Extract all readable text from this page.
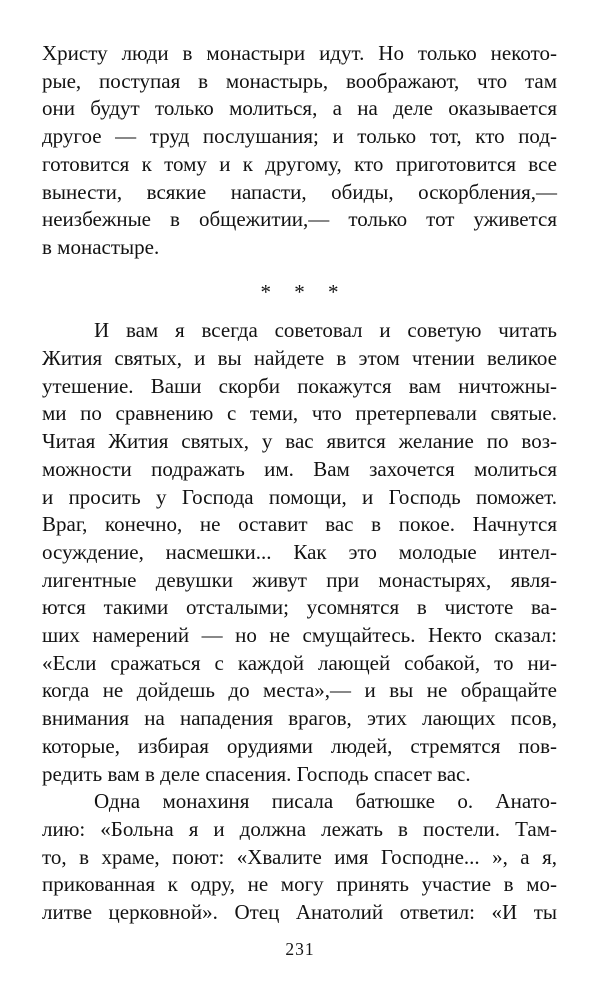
Христу люди в монастыри идут. Но только некото-
рые, поступая в монастырь, воображают, что там
они будут только молиться, а на деле оказывается
другое — труд послушания; и только тот, кто под-
готовится к тому и к другому, кто приготовится все
вынести, всякие напасти, обиды, оскорбления,—
неизбежные в общежитии,— только тот уживется
в монастыре.
* * *
И вам я всегда советовал и советую читать
Жития святых, и вы найдете в этом чтении великое
утешение. Ваши скорби покажутся вам ничтожны-
ми по сравнению с теми, что претерпевали святые.
Читая Жития святых, у вас явится желание по воз-
можности подражать им. Вам захочется молиться
и просить у Господа помощи, и Господь поможет.
Враг, конечно, не оставит вас в покое. Начнутся
осуждение, насмешки... Как это молодые интел-
лигентные девушки живут при монастырях, явля-
ются такими отсталыми; усомнятся в чистоте ва-
ших намерений — но не смущайтесь. Некто сказал:
«Если сражаться с каждой лающей собакой, то ни-
когда не дойдешь до места»,— и вы не обращайте
внимания на нападения врагов, этих лающих псов,
которые, избирая орудиями людей, стремятся пов-
редить вам в деле спасения. Господь спасет вас.
Одна монахиня писала батюшке о. Анато-
лию: «Больна я и должна лежать в постели. Там-
то, в храме, поют: «Хвалите имя Господне... », а я,
прикованная к одру, не могу принять участие в мо-
литве церковной». Отец Анатолий ответил: «И ты
231
